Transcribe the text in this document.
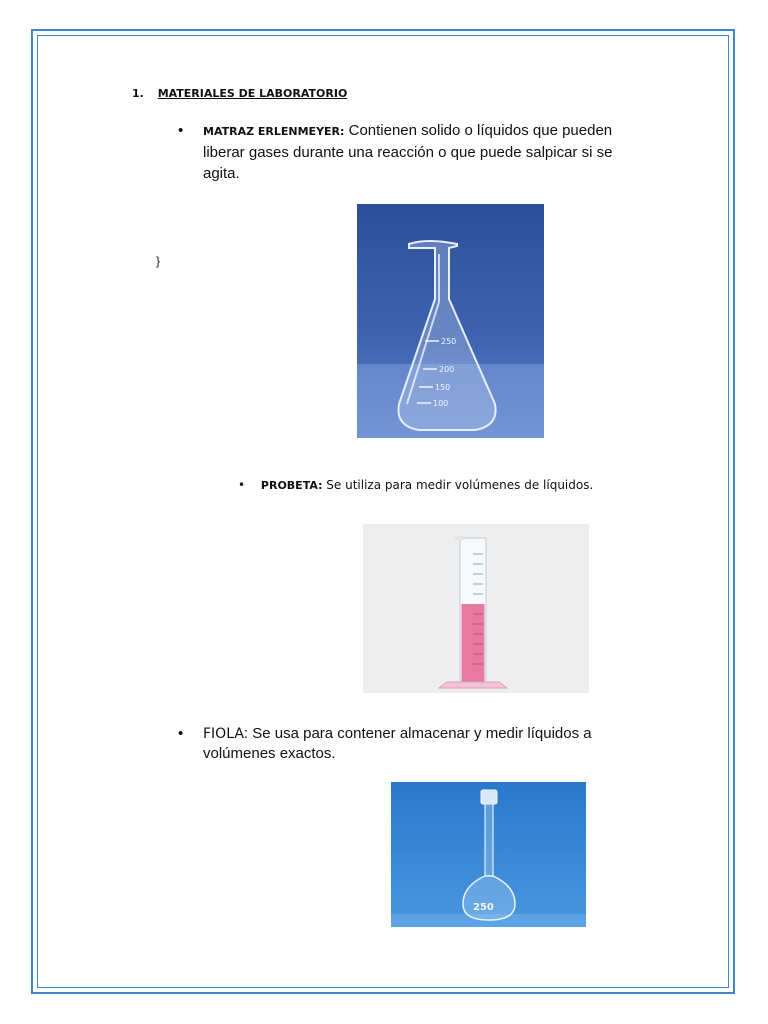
1. MATERIALES DE LABORATORIO
• MATRAZ ERLENMEYER: Contienen solido o líquidos que pueden
liberar gases durante una reacción o que puede salpicar si se
agita.
}
250
200
150
100
• PROBETA: Se utiliza para medir volúmenes de líquidos.
• FIOLA: Se usa para contener almacenar y medir líquidos a
volúmenes exactos.
250
